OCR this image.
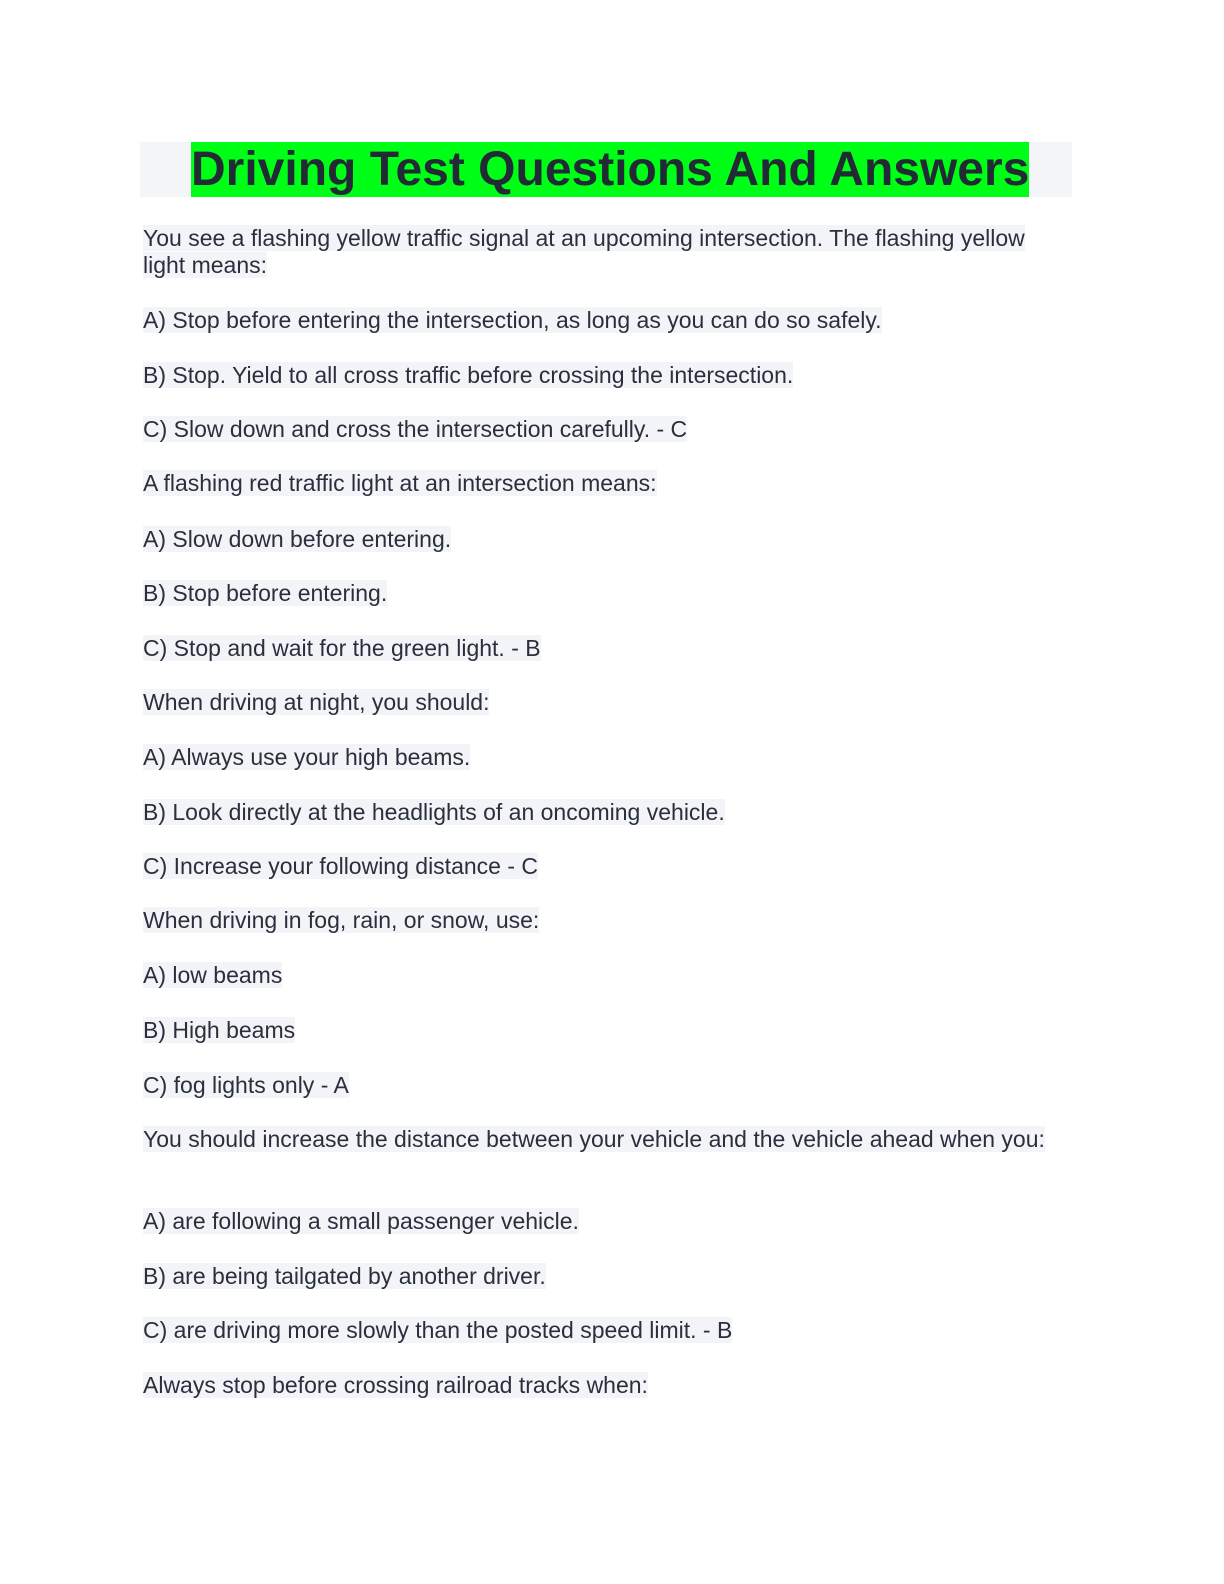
Driving Test Questions And Answers

You see a flashing yellow traffic signal at an upcoming intersection. The flashing yellow light means:

A) Stop before entering the intersection, as long as you can do so safely.

B) Stop. Yield to all cross traffic before crossing the intersection.

C) Slow down and cross the intersection carefully. - C

A flashing red traffic light at an intersection means:

A) Slow down before entering.

B) Stop before entering.

C) Stop and wait for the green light. - B

When driving at night, you should:

A) Always use your high beams.

B) Look directly at the headlights of an oncoming vehicle.

C) Increase your following distance - C

When driving in fog, rain, or snow, use:

A) low beams

B) High beams

C) fog lights only - A

You should increase the distance between your vehicle and the vehicle ahead when you:

A) are following a small passenger vehicle.

B) are being tailgated by another driver.

C) are driving more slowly than the posted speed limit. - B

Always stop before crossing railroad tracks when:
